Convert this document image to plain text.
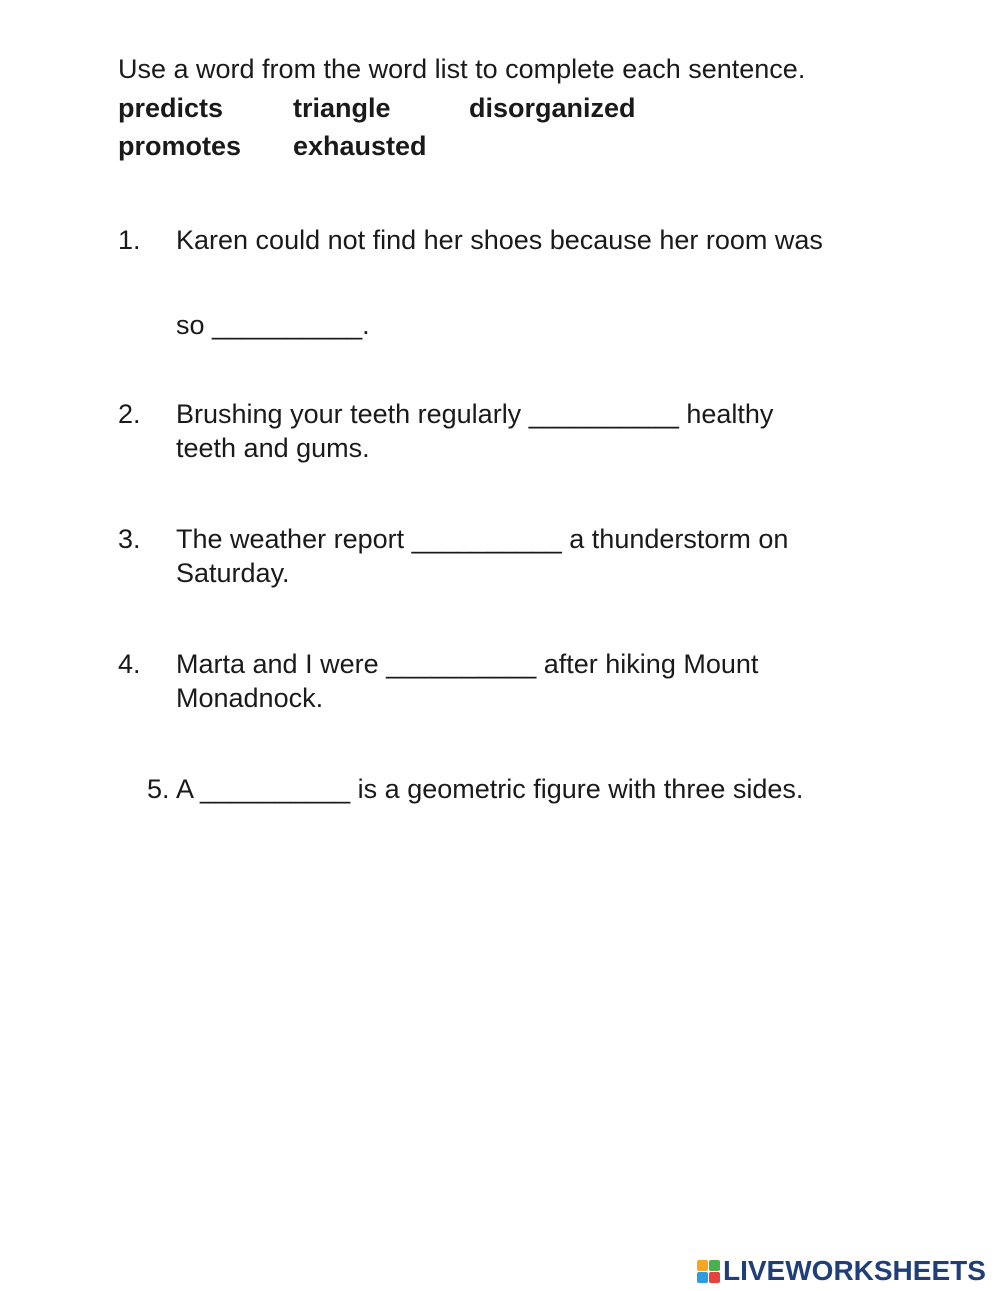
Use a word from the word list to complete each sentence.
predicts	triangle	disorganized
promotes exhausted
1. Karen could not find her shoes because her room was
so __________.
2. Brushing your teeth regularly __________ healthy
teeth and gums.
3. The weather report __________ a thunderstorm on
Saturday.
4. Marta and I were __________ after hiking Mount
Monadnock.
5. A __________ is a geometric figure with three sides.
LIVEWORKSHEETS
